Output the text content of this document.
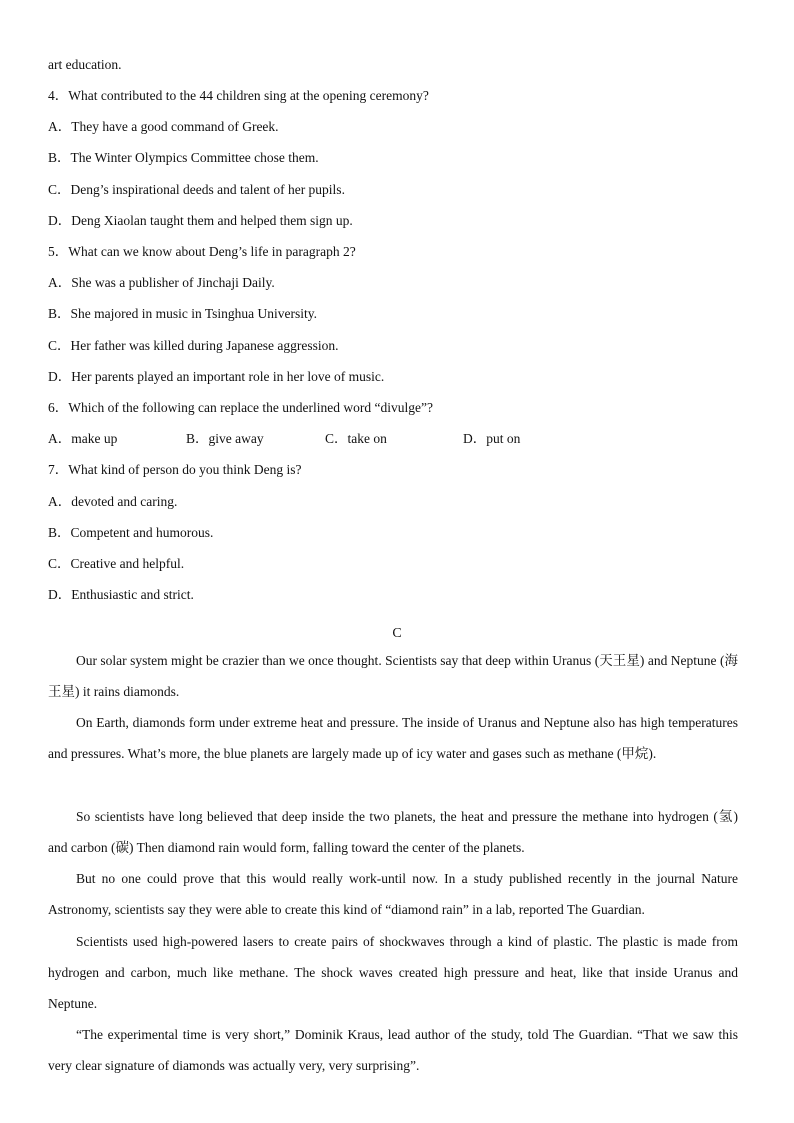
art education.
4．What contributed to the 44 children sing at the opening ceremony?
A．They have a good command of Greek.
B．The Winter Olympics Committee chose them.
C．Deng’s inspirational deeds and talent of her pupils.
D．Deng Xiaolan taught them and helped them sign up.
5．What can we know about Deng’s life in paragraph 2?
A．She was a publisher of Jinchaji Daily.
B．She majored in music in Tsinghua University.
C．Her father was killed during Japanese aggression.
D．Her parents played an important role in her love of music.
6．Which of the following can replace the underlined word “divulge”?
A．make up	B．give away	C．take on	D．put on
7．What kind of person do you think Deng is?
A．devoted and caring.
B．Competent and humorous.
C．Creative and helpful.
D．Enthusiastic and strict.
C
Our solar system might be crazier than we once thought. Scientists say that deep within Uranus (天王星) and Neptune (海王星) it rains diamonds.
On Earth, diamonds form under extreme heat and pressure. The inside of Uranus and Neptune also has high temperatures and pressures. What’s more, the blue planets are largely made up of icy water and gases such as methane (甲烷).
So scientists have long believed that deep inside the two planets, the heat and pressure the methane into hydrogen (氢) and carbon (碳) Then diamond rain would form, falling toward the center of the planets.
But no one could prove that this would really work-until now. In a study published recently in the journal Nature Astronomy, scientists say they were able to create this kind of “diamond rain” in a lab, reported The Guardian.
Scientists used high-powered lasers to create pairs of shockwaves through a kind of plastic. The plastic is made from hydrogen and carbon, much like methane. The shock waves created high pressure and heat, like that inside Uranus and Neptune.
“The experimental time is very short,” Dominik Kraus, lead author of the study, told The Guardian. “That we saw this very clear signature of diamonds was actually very, very surprising”.
